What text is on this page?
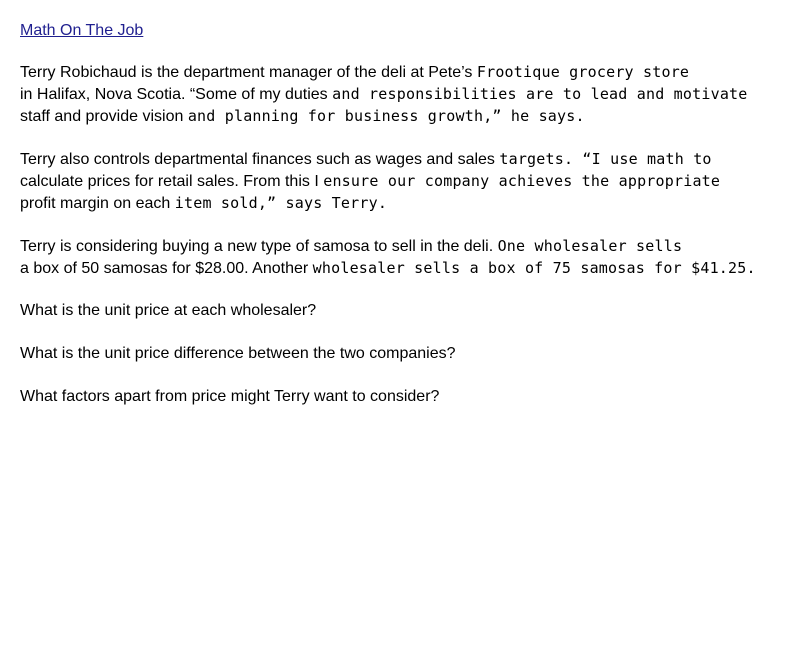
Math On The Job
Terry Robichaud is the department manager of the deli at Pete’s Frootique grocery store
in Halifax, Nova Scotia. “Some of my duties and responsibilities are to lead and motivate
staff and provide vision and planning for business growth,” he says.
Terry also controls departmental finances such as wages and sales targets. “I use math to
calculate prices for retail sales. From this I ensure our company achieves the appropriate
profit margin on each item sold,” says Terry.
Terry is considering buying a new type of samosa to sell in the deli. One wholesaler sells
a box of 50 samosas for $28.00. Another wholesaler sells a box of 75 samosas for $41.25.
What is the unit price at each wholesaler?
What is the unit price difference between the two companies?
What factors apart from price might Terry want to consider?
